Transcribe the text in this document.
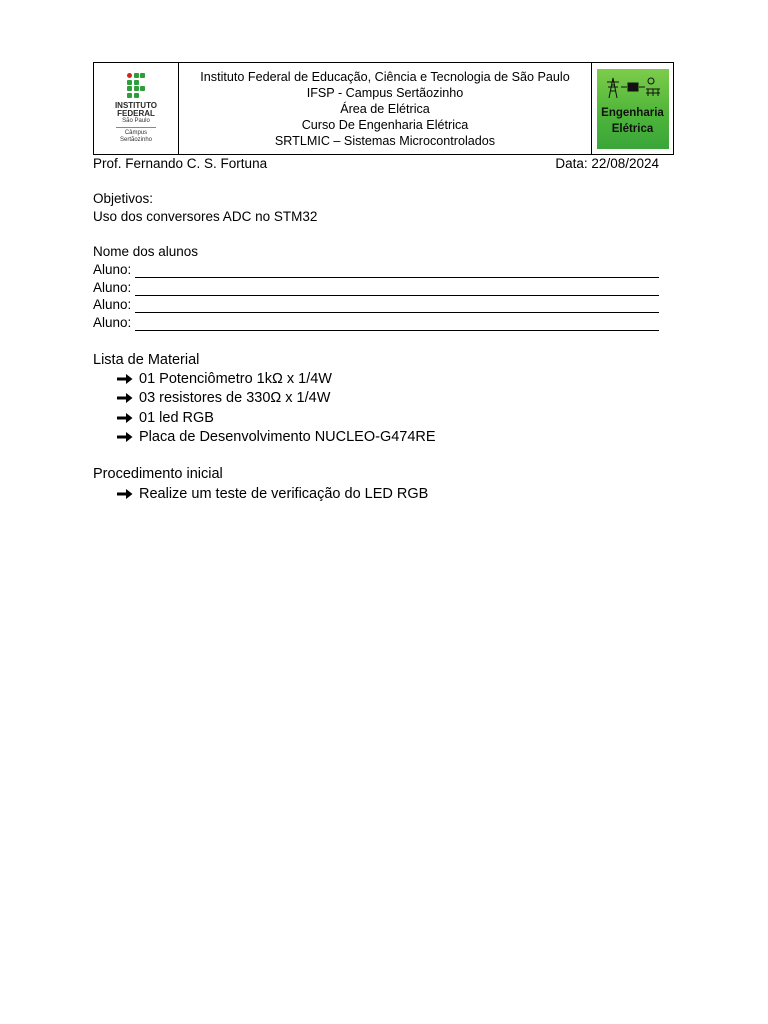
INSTITUTO FEDERAL
São Paulo
Câmpus
Sertãozinho
Instituto Federal de Educação, Ciência e Tecnologia de São Paulo
IFSP - Campus Sertãozinho
Área de Elétrica
Curso De Engenharia Elétrica
SRTLMIC – Sistemas Microcontrolados
Engenharia
Elétrica
Prof. Fernando C. S. Fortuna	Data: 22/08/2024
Objetivos:
Uso dos conversores ADC no STM32
Nome dos alunos
Aluno:
Aluno:
Aluno:
Aluno:
Lista de Material
01 Potenciômetro 1kΩ x 1/4W
03 resistores de 330Ω x 1/4W
01 led RGB
Placa de Desenvolvimento NUCLEO-G474RE
Procedimento inicial
Realize um teste de verificação do LED RGB
